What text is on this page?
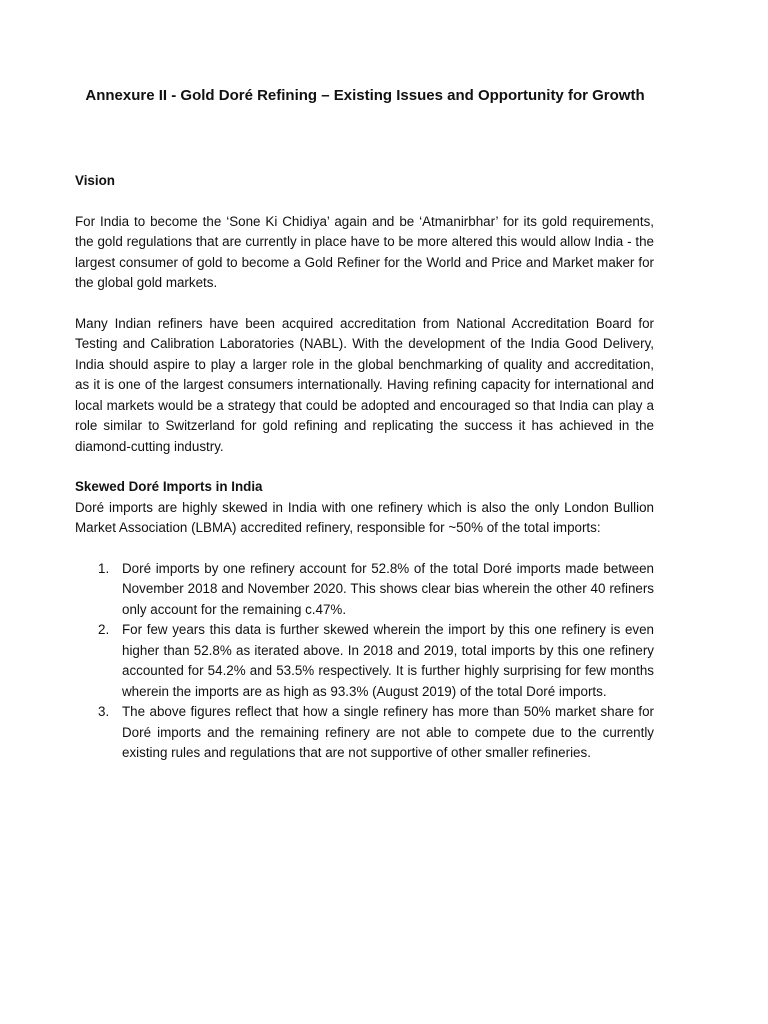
Annexure II - Gold Doré Refining – Existing Issues and Opportunity for Growth

Vision

For India to become the ‘Sone Ki Chidiya’ again and be ‘Atmanirbhar’ for its gold requirements, the gold regulations that are currently in place have to be more altered this would allow India - the largest consumer of gold to become a Gold Refiner for the World and Price and Market maker for the global gold markets.

Many Indian refiners have been acquired accreditation from National Accreditation Board for Testing and Calibration Laboratories (NABL). With the development of the India Good Delivery, India should aspire to play a larger role in the global benchmarking of quality and accreditation, as it is one of the largest consumers internationally. Having refining capacity for international and local markets would be a strategy that could be adopted and encouraged so that India can play a role similar to Switzerland for gold refining and replicating the success it has achieved in the diamond-cutting industry.

Skewed Doré Imports in India

Doré imports are highly skewed in India with one refinery which is also the only London Bullion Market Association (LBMA) accredited refinery, responsible for ~50% of the total imports:

1. Doré imports by one refinery account for 52.8% of the total Doré imports made between November 2018 and November 2020. This shows clear bias wherein the other 40 refiners only account for the remaining c.47%.
2. For few years this data is further skewed wherein the import by this one refinery is even higher than 52.8% as iterated above. In 2018 and 2019, total imports by this one refinery accounted for 54.2% and 53.5% respectively. It is further highly surprising for few months wherein the imports are as high as 93.3% (August 2019) of the total Doré imports.
3. The above figures reflect that how a single refinery has more than 50% market share for Doré imports and the remaining refinery are not able to compete due to the currently existing rules and regulations that are not supportive of other smaller refineries.
